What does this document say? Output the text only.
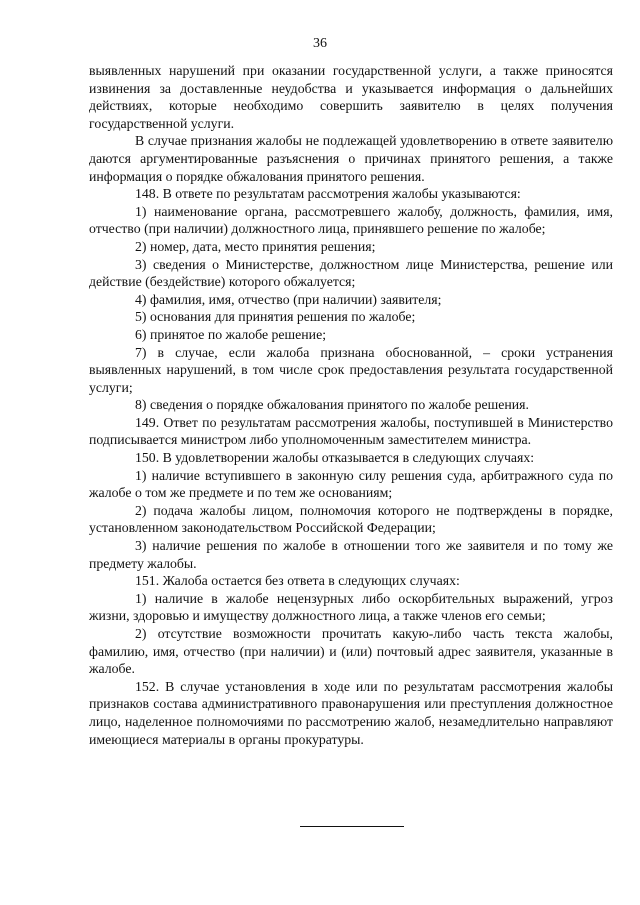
36

выявленных нарушений при оказании государственной услуги, а также приносятся извинения за доставленные неудобства и указывается информация о дальнейших действиях, которые необходимо совершить заявителю в целях получения государственной услуги.

В случае признания жалобы не подлежащей удовлетворению в ответе заявителю даются аргументированные разъяснения о причинах принятого решения, а также информация о порядке обжалования принятого решения.

148. В ответе по результатам рассмотрения жалобы указываются:

1) наименование органа, рассмотревшего жалобу, должность, фамилия, имя, отчество (при наличии) должностного лица, принявшего решение по жалобе;

2) номер, дата, место принятия решения;

3) сведения о Министерстве, должностном лице Министерства, решение или действие (бездействие) которого обжалуется;

4) фамилия, имя, отчество (при наличии) заявителя;

5) основания для принятия решения по жалобе;

6) принятое по жалобе решение;

7) в случае, если жалоба признана обоснованной, – сроки устранения выявленных нарушений, в том числе срок предоставления результата государственной услуги;

8) сведения о порядке обжалования принятого по жалобе решения.

149. Ответ по результатам рассмотрения жалобы, поступившей в Министерство подписывается министром либо уполномоченным заместителем министра.

150. В удовлетворении жалобы отказывается в следующих случаях:

1) наличие вступившего в законную силу решения суда, арбитражного суда по жалобе о том же предмете и по тем же основаниям;

2) подача жалобы лицом, полномочия которого не подтверждены в порядке, установленном законодательством Российской Федерации;

3) наличие решения по жалобе в отношении того же заявителя и по тому же предмету жалобы.

151. Жалоба остается без ответа в следующих случаях:

1) наличие в жалобе нецензурных либо оскорбительных выражений, угроз жизни, здоровью и имуществу должностного лица, а также членов его семьи;

2) отсутствие возможности прочитать какую-либо часть текста жалобы, фамилию, имя, отчество (при наличии) и (или) почтовый адрес заявителя, указанные в жалобе.

152. В случае установления в ходе или по результатам рассмотрения жалобы признаков состава административного правонарушения или преступления должностное лицо, наделенное полномочиями по рассмотрению жалоб, незамедлительно направляют имеющиеся материалы в органы прокуратуры.
